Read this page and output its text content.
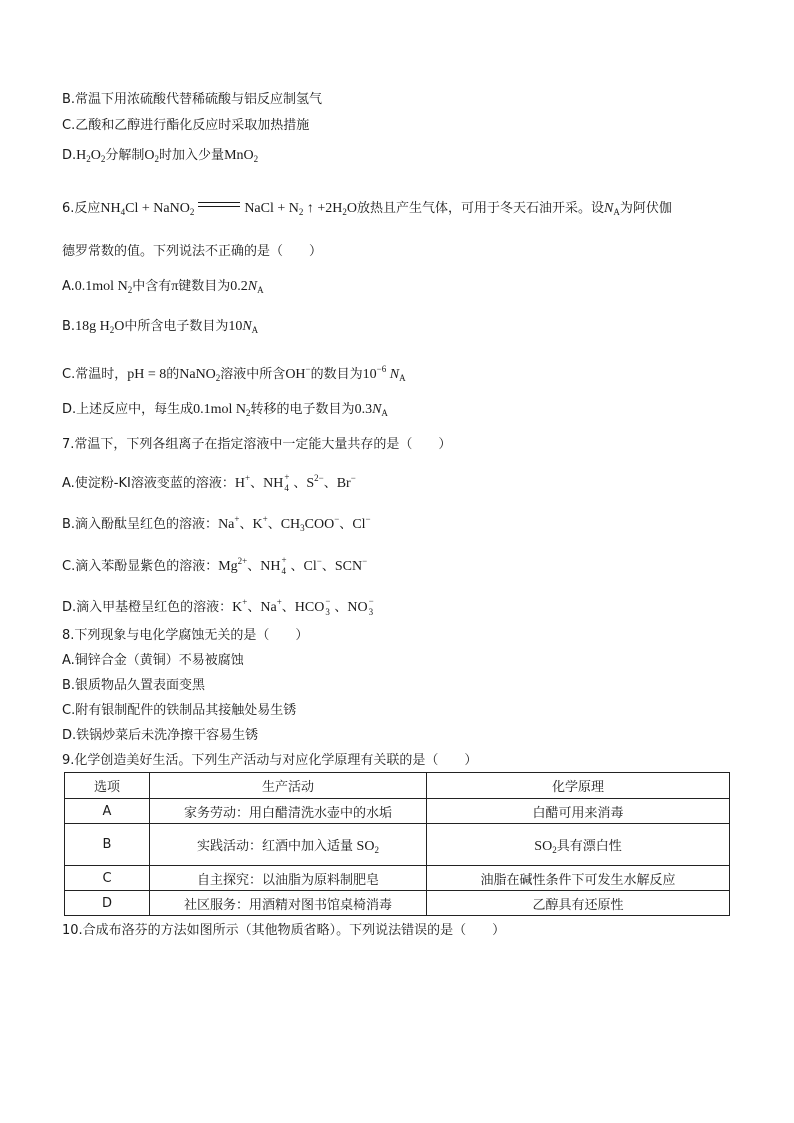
B.常温下用浓硫酸代替稀硫酸与铝反应制氢气
C.乙酸和乙醇进行酯化反应时采取加热措施
$D.H_2O_2$分解制$O_2$时加入少量MnO$_2$
6.反应$NH_4Cl$ + NaNO$_2$	NaCl + $N_2$ ↑ $+2H_2O$放热且产生气体，可用于冬天石油开采。设$N_A$为阿伏伽
德罗常数的值。下列说法不正确的是（　　）
A.0.1mol $N_2$中含有π键数目为$0.2N_A$
B.18g $H_2O$中所含电子数目为$10N_A$
C.常温时，pH = 8的NaNO$_2$溶液中所含OH−的数目为$10^{-6}$ $N_A$
D.上述反应中，每生成0.1mol $N_2$转移的电子数目为$0.3N_A$
7.常温下，下列各组离子在指定溶液中一定能大量共存的是（　　）
A.使淀粉-KI溶液变蓝的溶液：H+、NH +
4 、$S^{2-}$、Br−
B.滴入酚酞呈红色的溶液：Na+、K+、$CH_3COO^-$、Cl−
C.滴入苯酚显紫色的溶液：$Mg^{2+}$、NH +
4 、Cl−、SCN−
D.滴入甲基橙呈红色的溶液：K+、Na+、HCO −
3 、NO −
3
8.下列现象与电化学腐蚀无关的是（　　）
A.铜锌合金（黄铜）不易被腐蚀
B.银质物品久置表面变黑
C.附有银制配件的铁制品其接触处易生锈
D.铁锅炒菜后未洗净擦干容易生锈
9.化学创造美好生活。下列生产活动与对应化学原理有关联的是（　　）
选项	生产活动	化学原理
A	家务劳动：用白醋清洗水壶中的水垢	白醋可用来消毒
B	实践活动：红酒中加入适量 $SO_2$	$SO_2$具有漂白性
C	自主探究：以油脂为原料制肥皂	油脂在碱性条件下可发生水解反应
D	社区服务：用酒精对图书馆桌椅消毒	乙醇具有还原性
10.合成布洛芬的方法如图所示（其他物质省略）。下列说法错误的是（　　）
